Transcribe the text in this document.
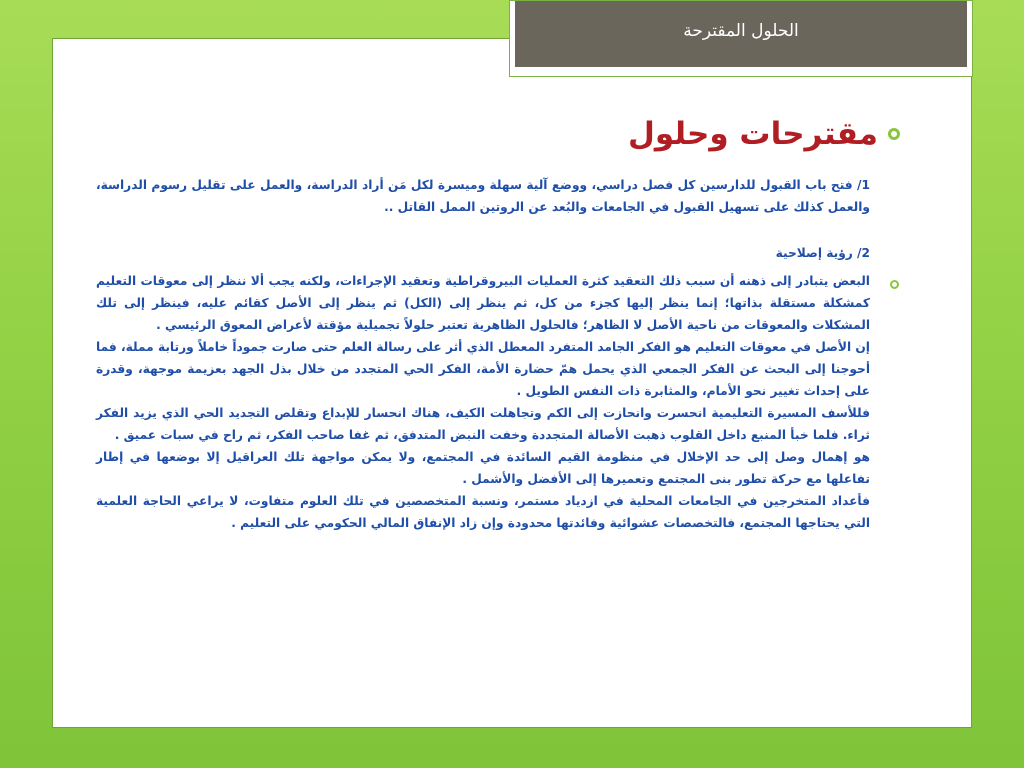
الحلول المقترحة
مقترحات وحلول
1/ فتح باب القبول للدارسين كل فصل دراسي، ووضع آلية سهلة وميسرة لكل مَن أراد الدراسة، والعمل على تقليل رسوم الدراسة، والعمل كذلك على تسهيل القبول في الجامعات والبُعد عن الروتين الممل القاتل ..
2/ رؤية إصلاحية
البعض يتبادر إلى ذهنه أن سبب ذلك التعقيد كثرة العمليات البيروقراطية وتعقيد الإجراءات، ولكنه يجب ألا ننظر إلى معوقات التعليم كمشكلة مستقلة بذاتها؛ إنما ينظر إليها كجزء من كل، ثم ينظر إلى (الكل) ثم ينظر إلى الأصل كقائم عليه، فينظر إلى تلك المشكلات والمعوقات من ناحية الأصل لا الظاهر؛ فالحلول الظاهرية تعتبر حلولاً تجميلية مؤقتة لأعراض المعوق الرئيسي .
إن الأصل في معوقات التعليم هو الفكر الجامد المتفرد المعطل الذي أثر على رسالة العلم حتى صارت جموداً خاملاً ورتابة مملة، فما أحوجنا إلى البحث عن الفكر الجمعي الذي يحمل همّ حضارة الأمة، الفكر الحي المتجدد من خلال بذل الجهد بعزيمة موجهة، وقدرة على إحداث تغيير نحو الأمام، والمثابرة ذات النفس الطويل .
فللأسف المسيرة التعليمية انحسرت وانحازت إلى الكم وتجاهلت الكيف، هناك انحسار للإبداع وتقلص التجديد الحي الذي يزيد الفكر ثراء. فلما خبأ المنبع داخل القلوب ذهبت الأصالة المتجددة وخفت النبض المتدفق، ثم غفا صاحب الفكر، ثم راح في سبات عميق .
هو إهمال وصل إلى حد الإخلال في منظومة القيم السائدة في المجتمع، ولا يمكن مواجهة تلك العراقيل إلا بوضعها في إطار تفاعلها مع حركة تطور بنى المجتمع وتعميرها إلى الأفضل والأشمل .
فأعداد المتخرجين في الجامعات المحلية في ازدياد مستمر، ونسبة المتخصصين في تلك العلوم متفاوت، لا يراعي الحاجة العلمية التي يحتاجها المجتمع، فالتخصصات عشوائية وفائدتها محدودة وإن زاد الإنفاق المالي الحكومي على التعليم .
